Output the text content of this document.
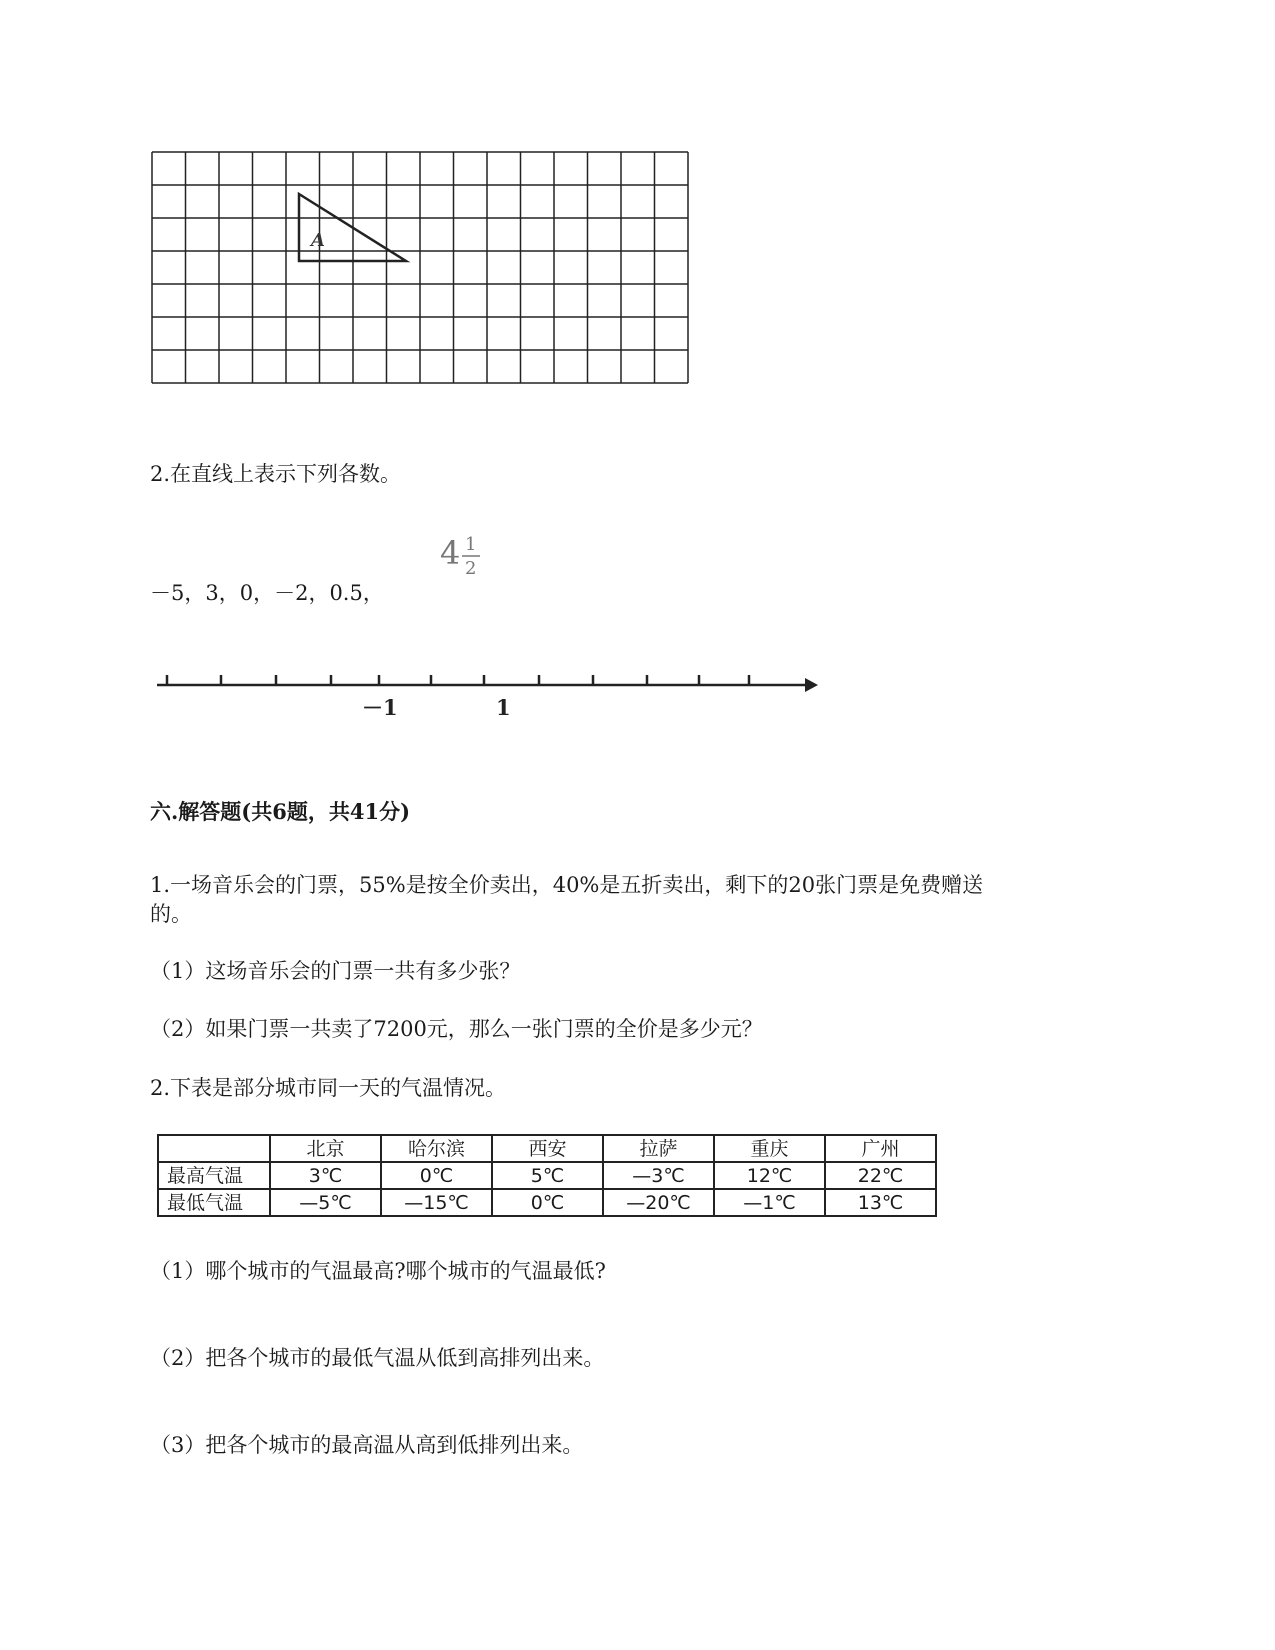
A
2.在直线上表示下列各数。
－5，3，0，－2，0.5，
4 1
2
－1	1
六.解答题(共6题，共41分)
1.一场音乐会的门票，55%是按全价卖出，40%是五折卖出，剩下的20张门票是免费赠送
的。
（1）这场音乐会的门票一共有多少张？
（2）如果门票一共卖了7200元，那么一张门票的全价是多少元？
2.下表是部分城市同一天的气温情况。
	北京	哈尔滨	西安	拉萨	重庆	广州
最高气温	3℃	0℃	5℃	—3℃	12℃	22℃
最低气温	—5℃	—15℃	0℃	—20℃	—1℃	13℃
（1）哪个城市的气温最高?哪个城市的气温最低?
（2）把各个城市的最低气温从低到高排列出来。
（3）把各个城市的最高温从高到低排列出来。
